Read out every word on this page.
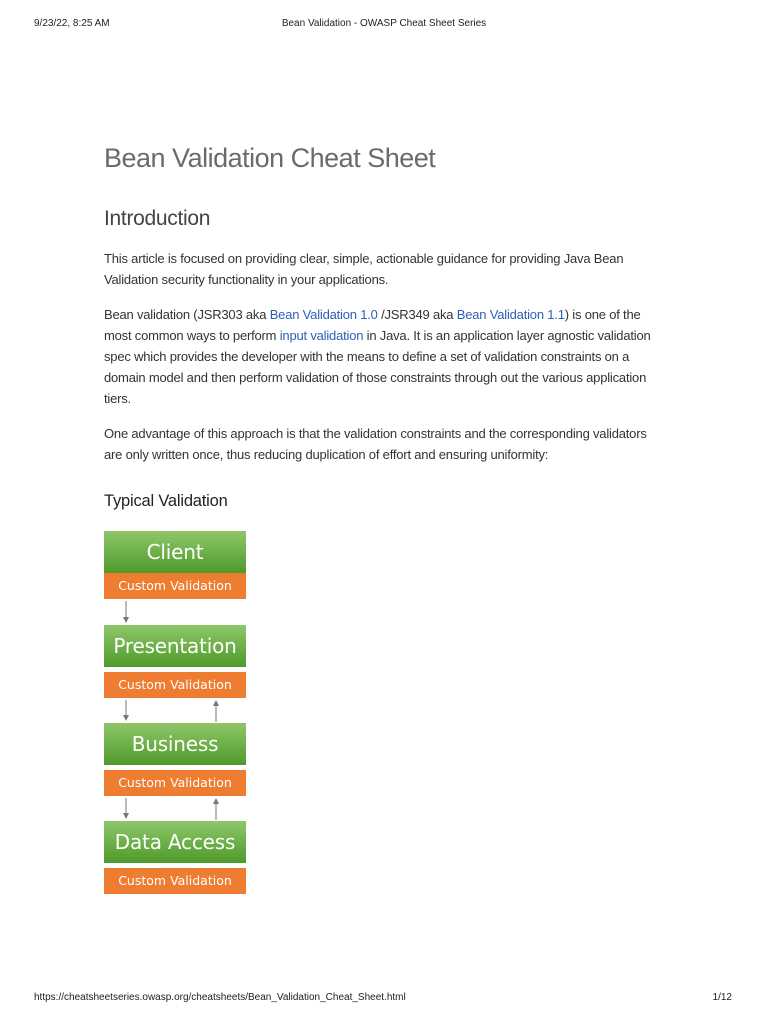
9/23/22, 8:25 AM	Bean Validation - OWASP Cheat Sheet Series
Bean Validation Cheat Sheet
Introduction

This article is focused on providing clear, simple, actionable guidance for providing Java Bean Validation security functionality in your applications.

Bean validation (JSR303 aka Bean Validation 1.0 /JSR349 aka Bean Validation 1.1) is one of the most common ways to perform input validation in Java. It is an application layer agnostic validation spec which provides the developer with the means to define a set of validation constraints on a domain model and then perform validation of those constraints through out the various application tiers.

One advantage of this approach is that the validation constraints and the corresponding validators are only written once, thus reducing duplication of effort and ensuring uniformity:

Typical Validation
Client
Custom Validation
Presentation
Custom Validation
Business
Custom Validation
Data Access
Custom Validation
https://cheatsheetseries.owasp.org/cheatsheets/Bean_Validation_Cheat_Sheet.html	1/12
